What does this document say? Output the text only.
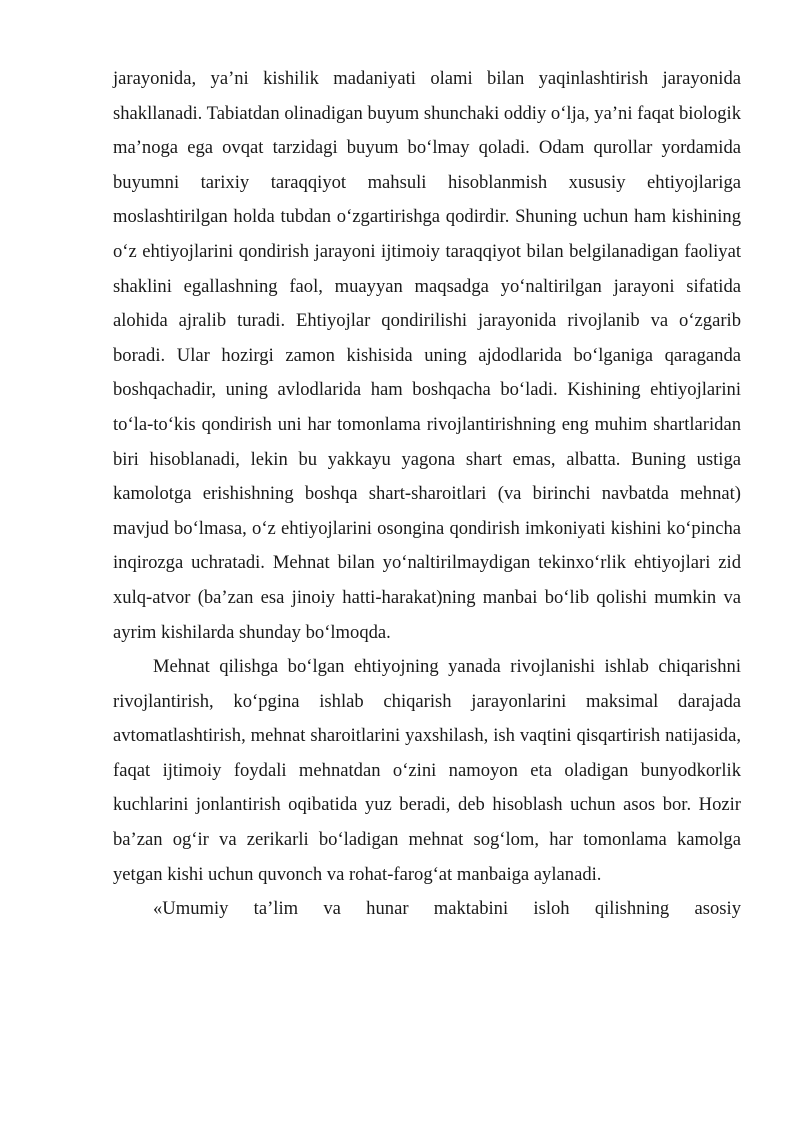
jarayonida, ya’ni kishilik madaniyati olami bilan yaqinlashtirish jarayonida shakllanadi. Tabiatdan olinadigan buyum shunchaki oddiy o‘lja, ya’ni faqat biologik ma’noga ega ovqat tarzidagi buyum bo‘lmay qoladi. Odam qurollar yordamida buyumni tarixiy taraqqiyot mahsuli hisoblanmish xususiy ehtiyojlariga moslashtirilgan holda tubdan o‘zgartirishga qodirdir. Shuning uchun ham kishining o‘z ehtiyojlarini qondirish jarayoni ijtimoiy taraqqiyot bilan belgilanadigan faoliyat shaklini egallashning faol, muayyan maqsadga yo‘naltirilgan jarayoni sifatida alohida ajralib turadi. Ehtiyojlar qondirilishi jarayonida rivojlanib va o‘zgarib boradi. Ular hozirgi zamon kishisida uning ajdodlarida bo‘lganiga qaraganda boshqachadir, uning avlodlarida ham boshqacha bo‘ladi. Kishining ehtiyojlarini to‘la-to‘kis qondirish uni har tomonlama rivojlantirishning eng muhim shartlaridan biri hisoblanadi, lekin bu yakkayu yagona shart emas, albatta. Buning ustiga kamolotga erishishning boshqa shart-sharoitlari (va birinchi navbatda mehnat) mavjud bo‘lmasa, o‘z ehtiyojlarini osongina qondirish imkoniyati kishini ko‘pincha inqirozga uchratadi. Mehnat bilan yo‘naltirilmaydigan tekinxo‘rlik ehtiyojlari zid xulq-atvor (ba’zan esa jinoiy hatti-harakat)ning manbai bo‘lib qolishi mumkin va ayrim kishilarda shunday bo‘lmoqda.

Mehnat qilishga bo‘lgan ehtiyojning yanada rivojlanishi ishlab chiqarishni rivojlantirish, ko‘pgina ishlab chiqarish jarayonlarini maksimal darajada avtomatlashtirish, mehnat sharoitlarini yaxshilash, ish vaqtini qisqartirish natijasida, faqat ijtimoiy foydali mehnatdan o‘zini namoyon eta oladigan bunyodkorlik kuchlarini jonlantirish oqibatida yuz beradi, deb hisoblash uchun asos bor. Hozir ba’zan og‘ir va zerikarli bo‘ladigan mehnat sog‘lom, har tomonlama kamolga yetgan kishi uchun quvonch va rohat-farog‘at manbaiga aylanadi.

«Umumiy ta’lim va hunar maktabini isloh qilishning asosiy
